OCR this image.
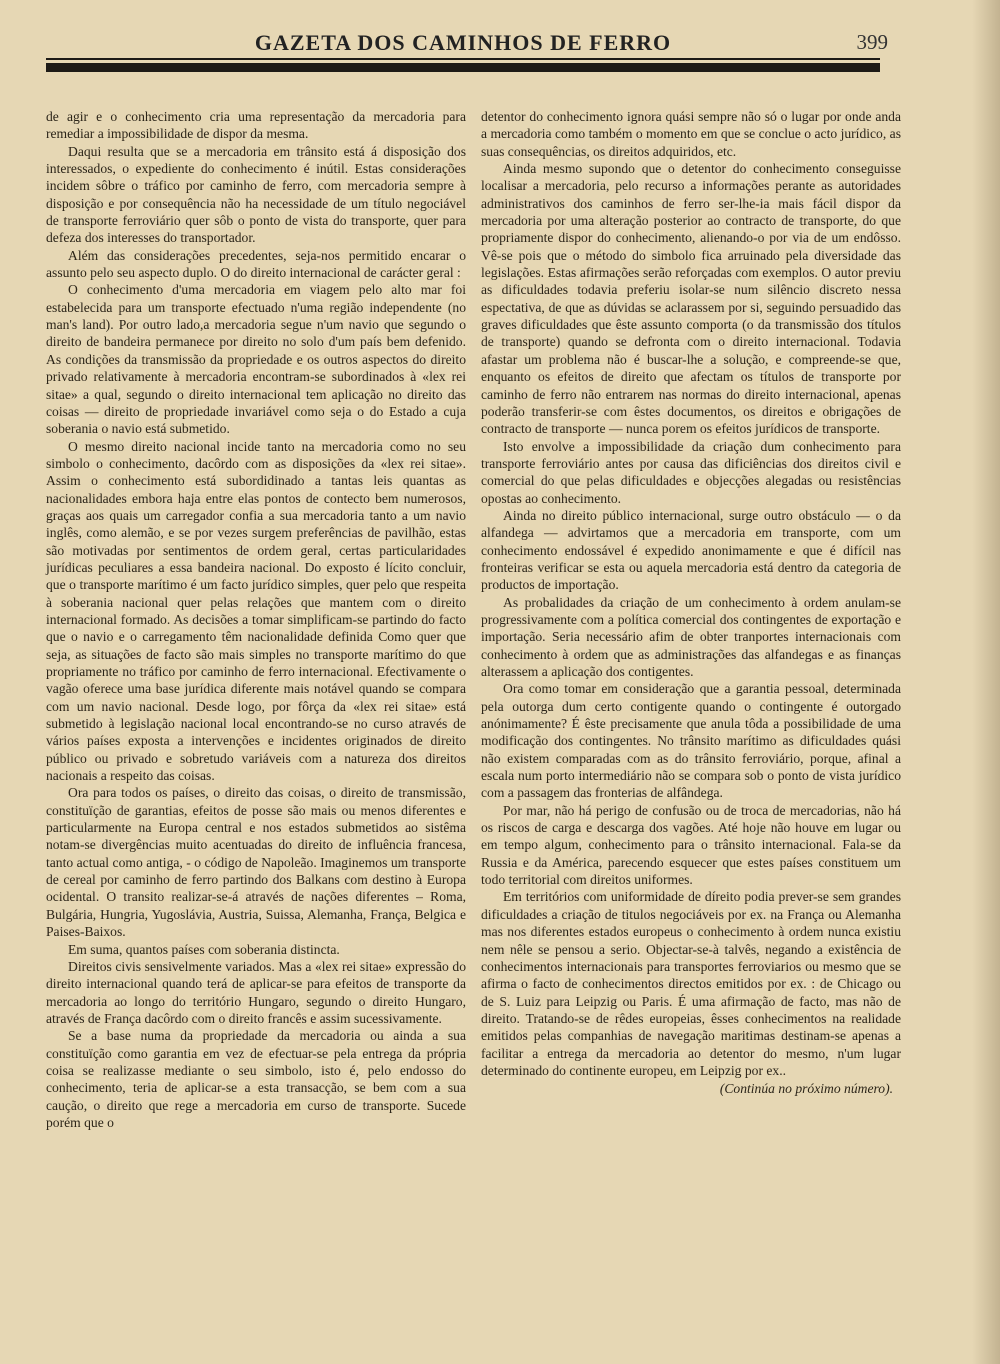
GAZETA DOS CAMINHOS DE FERRO	399

de agir e o conhecimento cria uma representação da mercadoria para remediar a impossibilidade de dispor da mesma.

Daqui resulta que se a mercadoria em trânsito está á disposição dos interessados, o expediente do conhecimento é inútil. Estas considerações incidem sôbre o tráfico por caminho de ferro, com mercadoria sempre à disposição e por consequência não ha necessidade de um título negociável de transporte ferroviário quer sôb o ponto de vista do transporte, quer para defeza dos interesses do transportador.

Além das considerações precedentes, seja-nos permitido encarar o assunto pelo seu aspecto duplo. O do direito internacional de carácter geral :

O conhecimento d'uma mercadoria em viagem pelo alto mar foi estabelecida para um transporte efectuado n'uma região independente (no man's land). Por outro lado,a mercadoria segue n'um navio que segundo o direito de bandeira permanece por direito no solo d'um país bem defenido. As condições da transmissão da propriedade e os outros aspectos do direito privado relativamente à mercadoria encontram-se subordinados à «lex rei sitae» a qual, segundo o direito internacional tem aplicação no direito das coisas — direito de propriedade invariável como seja o do Estado a cuja soberania o navio está submetido.

O mesmo direito nacional incide tanto na mercadoria como no seu simbolo o conhecimento, dacôrdo com as disposições da «lex rei sitae». Assim o conhecimento está subordidinado a tantas leis quantas as nacionalidades embora haja entre elas pontos de contecto bem numerosos, graças aos quais um carregador confia a sua mercadoria tanto a um navio inglês, como alemão, e se por vezes surgem preferências de pavilhão, estas são motivadas por sentimentos de ordem geral, certas particularidades jurídicas peculiares a essa bandeira nacional. Do exposto é lícito concluir, que o transporte marítimo é um facto jurídico simples, quer pelo que respeita à soberania nacional quer pelas relações que mantem com o direito internacional formado. As decisões a tomar simplificam-se partindo do facto que o navio e o carregamento têm nacionalidade definida Como quer que seja, as situações de facto são mais simples no transporte marítimo do que propriamente no tráfico por caminho de ferro internacional. Efectivamente o vagão oferece uma base jurídica diferente mais notável quando se compara com um navio nacional. Desde logo, por fôrça da «lex rei sitae» está submetido à legislação nacional local encontrando-se no curso através de vários países exposta a intervenções e incidentes originados de direito público ou privado e sobretudo variáveis com a natureza dos direitos nacionais a respeito das coisas.

Ora para todos os países, o direito das coisas, o direito de transmissão, constituïção de garantias, efeitos de posse são mais ou menos diferentes e particularmente na Europa central e nos estados submetidos ao sistêma notam-se divergências muito acentuadas do direito de influência francesa, tanto actual como antiga, - o código de Napoleão. Imaginemos um transporte de cereal por caminho de ferro partindo dos Balkans com destino à Europa ocidental. O transito realizar-se-á através de nações diferentes – Roma, Bulgária, Hungria, Yugoslávia, Austria, Suissa, Alemanha, França, Belgica e Paises-Baixos.

Em suma, quantos países com soberania distincta.

Direitos civis sensivelmente variados. Mas a «lex rei sitae» expressão do direito internacional quando terá de aplicar-se para efeitos de transporte da mercadoria ao longo do território Hungaro, segundo o direito Hungaro, através de França dacôrdo com o direito francês e assim sucessivamente.

Se a base numa da propriedade da mercadoria ou ainda a sua constituïção como garantia em vez de efectuar-se pela entrega da própria coisa se realizasse mediante o seu simbolo, isto é, pelo endosso do conhecimento, teria de aplicar-se a esta transacção, se bem com a sua caução, o direito que rege a mercadoria em curso de transporte. Sucede porém que o

detentor do conhecimento ignora quási sempre não só o lugar por onde anda a mercadoria como também o momento em que se conclue o acto jurídico, as suas consequências, os direitos adquiridos, etc.

Ainda mesmo supondo que o detentor do conhecimento conseguisse localisar a mercadoria, pelo recurso a informações perante as autoridades administrativos dos caminhos de ferro ser-lhe-ia mais fácil dispor da mercadoria por uma alteração posterior ao contracto de transporte, do que propriamente dispor do conhecimento, alienando-o por via de um endôsso. Vê-se pois que o método do simbolo fica arruinado pela diversidade das legislações. Estas afirmações serão reforçadas com exemplos. O autor previu as dificuldades todavia preferiu isolar-se num silêncio discreto nessa espectativa, de que as dúvidas se aclarassem por si, seguindo persuadido das graves dificuldades que êste assunto comporta (o da transmissão dos títulos de transporte) quando se defronta com o direito internacional. Todavia afastar um problema não é buscar-lhe a solução, e compreende-se que, enquanto os efeitos de direito que afectam os títulos de transporte por caminho de ferro não entrarem nas normas do direito internacional, apenas poderão transferir-se com êstes documentos, os direitos e obrigações de contracto de transporte — nunca porem os efeitos jurídicos de transporte.

Isto envolve a impossibilidade da criação dum conhecimento para transporte ferroviário antes por causa das dificiências dos direitos civil e comercial do que pelas dificuldades e objecções alegadas ou resistências opostas ao conhecimento.

Ainda no direito público internacional, surge outro obstáculo — o da alfandega — advirtamos que a mercadoria em transporte, com um conhecimento endossável é expedido anonimamente e que é difícil nas fronteiras verificar se esta ou aquela mercadoria está dentro da categoria de productos de importação.

As probalidades da criação de um conhecimento à ordem anulam-se progressivamente com a política comercial dos contingentes de exportação e importação. Seria necessário afim de obter tranportes internacionais com conhecimento à ordem que as administrações das alfandegas e as finanças alterassem a aplicação dos contigentes.

Ora como tomar em consideração que a garantia pessoal, determinada pela outorga dum certo contigente quando o contingente é outorgado anónimamente? É êste precisamente que anula tôda a possibilidade de uma modificação dos contingentes. No trânsito marítimo as dificuldades quási não existem comparadas com as do trânsito ferroviário, porque, afinal a escala num porto intermediário não se compara sob o ponto de vista jurídico com a passagem das fronterias de alfândega.

Por mar, não há perigo de confusão ou de troca de mercadorias, não há os riscos de carga e descarga dos vagões. Até hoje não houve em lugar ou em tempo algum, conhecimento para o trânsito internacional. Fala-se da Russia e da América, parecendo esquecer que estes países constituem um todo territorial com direitos uniformes.

Em territórios com uniformidade de díreito podia prever-se sem grandes dificuldades a criação de titulos negociáveis por ex. na França ou Alemanha mas nos diferentes estados europeus o conhecimento à ordem nunca existiu nem nêle se pensou a serio. Objectar-se-à talvês, negando a existência de conhecimentos internacionais para transportes ferroviarios ou mesmo que se afirma o facto de conhecimentos directos emitidos por ex. : de Chicago ou de S. Luiz para Leipzig ou Paris. É uma afirmação de facto, mas não de direito. Tratando-se de rêdes europeias, êsses conhecimentos na realidade emitidos pelas companhias de navegação maritimas destinam-se apenas a facilitar a entrega da mercadoria ao detentor do mesmo, n'um lugar determinado do continente europeu, em Leipzig por ex..

(Continúa no próximo número).
